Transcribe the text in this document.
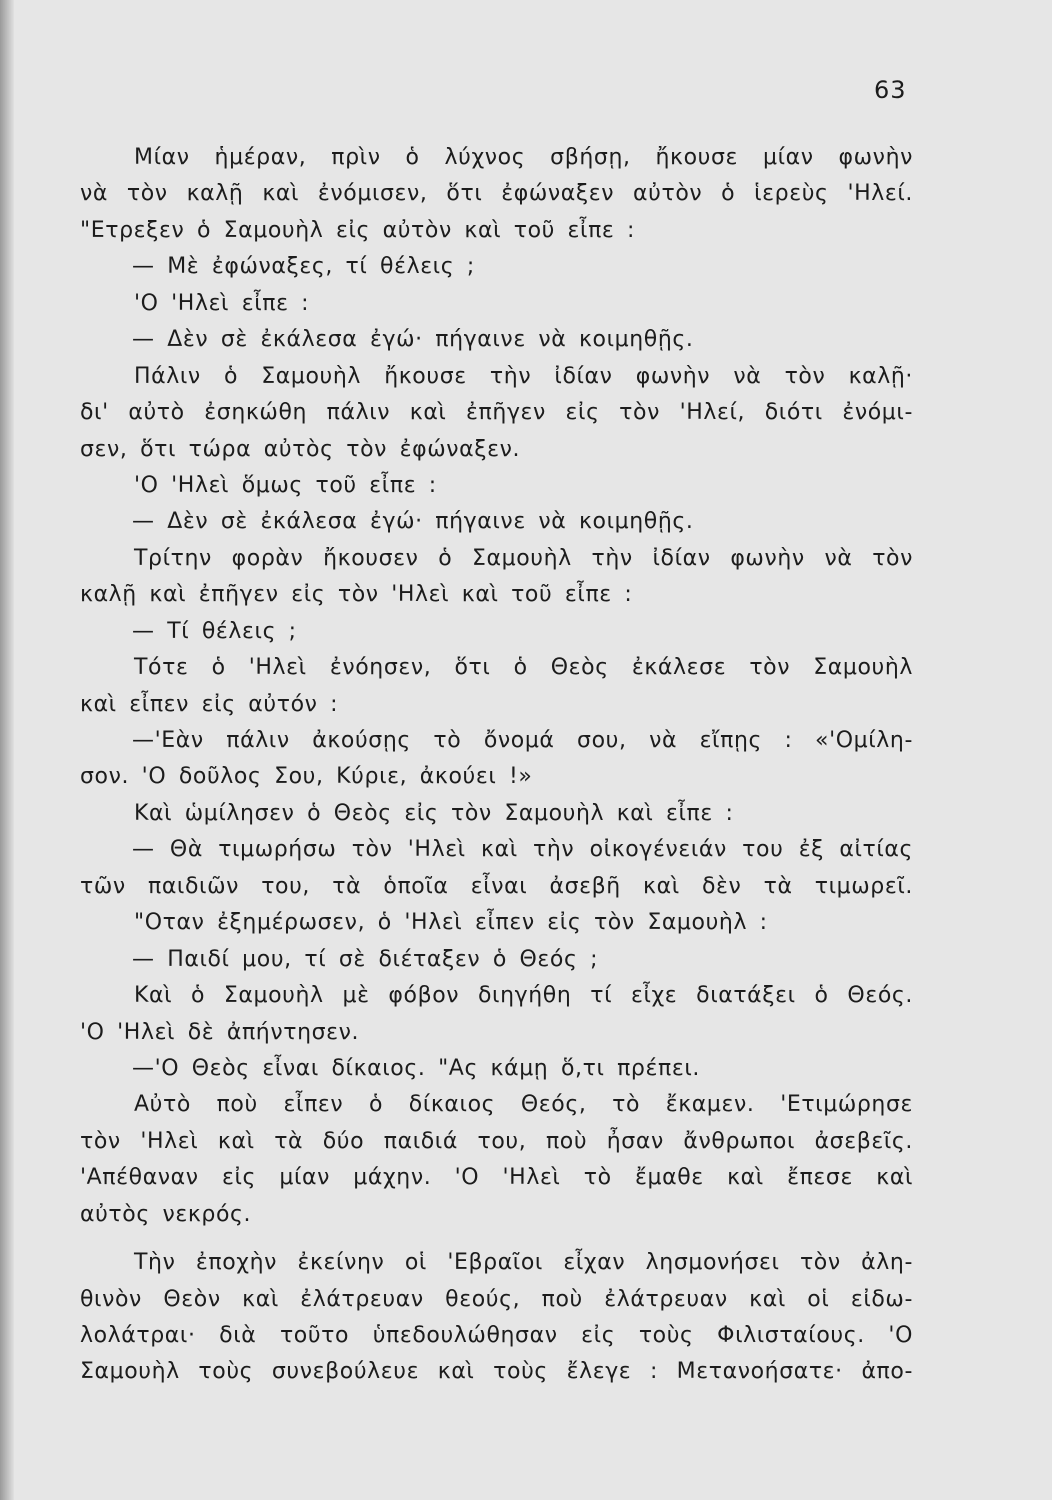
63
Μίαν ἡμέραν, πρὶν ὁ λύχνος σβήσῃ, ἤκουσε μίαν φωνὴν
νὰ τὸν καλῇ καὶ ἐνόμισεν, ὅτι ἐφώναξεν αὐτὸν ὁ ἱερεὺς 'Ηλεί.
"Ετρεξεν ὁ Σαμουὴλ εἰς αὐτὸν καὶ τοῦ εἶπε :
— Μὲ ἐφώναξες, τί θέλεις ;
'Ο 'Ηλεὶ εἶπε :
— Δὲν σὲ ἐκάλεσα ἐγώ· πήγαινε νὰ κοιμηθῇς.
Πάλιν ὁ Σαμουὴλ ἤκουσε τὴν ἰδίαν φωνὴν νὰ τὸν καλῇ·
δι' αὐτὸ ἐσηκώθη πάλιν καὶ ἐπῆγεν εἰς τὸν 'Ηλεί, διότι ἐνόμι-
σεν, ὅτι τώρα αὐτὸς τὸν ἐφώναξεν.
'Ο 'Ηλεὶ ὅμως τοῦ εἶπε :
— Δὲν σὲ ἐκάλεσα ἐγώ· πήγαινε νὰ κοιμηθῇς.
Τρίτην φορὰν ἤκουσεν ὁ Σαμουὴλ τὴν ἰδίαν φωνὴν νὰ τὸν
καλῇ καὶ ἐπῆγεν εἰς τὸν 'Ηλεὶ καὶ τοῦ εἶπε :
— Τί θέλεις ;
Τότε ὁ 'Ηλεὶ ἐνόησεν, ὅτι ὁ Θεὸς ἐκάλεσε τὸν Σαμουὴλ
καὶ εἶπεν εἰς αὐτόν :
—'Εὰν πάλιν ἀκούσῃς τὸ ὄνομά σου, νὰ εἴπῃς : «'Ομίλη-
σον. 'Ο δοῦλος Σου, Κύριε, ἀκούει !»
Καὶ ὡμίλησεν ὁ Θεὸς εἰς τὸν Σαμουὴλ καὶ εἶπε :
— Θὰ τιμωρήσω τὸν 'Ηλεὶ καὶ τὴν οἰκογένειάν του ἐξ αἰτίας
τῶν παιδιῶν του, τὰ ὁποῖα εἶναι ἀσεβῆ καὶ δὲν τὰ τιμωρεῖ.
"Οταν ἐξημέρωσεν, ὁ 'Ηλεὶ εἶπεν εἰς τὸν Σαμουὴλ :
— Παιδί μου, τί σὲ διέταξεν ὁ Θεός ;
Καὶ ὁ Σαμουὴλ μὲ φόβον διηγήθη τί εἶχε διατάξει ὁ Θεός.
'Ο 'Ηλεὶ δὲ ἀπήντησεν.
—'Ο Θεὸς εἶναι δίκαιος. "Ας κάμῃ ὅ,τι πρέπει.
Αὐτὸ ποὺ εἶπεν ὁ δίκαιος Θεός, τὸ ἔκαμεν. 'Ετιμώρησε
τὸν 'Ηλεὶ καὶ τὰ δύο παιδιά του, ποὺ ἦσαν ἄνθρωποι ἀσεβεῖς.
'Απέθαναν εἰς μίαν μάχην. 'Ο 'Ηλεὶ τὸ ἔμαθε καὶ ἔπεσε καὶ
αὐτὸς νεκρός.
Τὴν ἐποχὴν ἐκείνην οἱ 'Εβραῖοι εἶχαν λησμονήσει τὸν ἀλη-
θινὸν Θεὸν καὶ ἐλάτρευαν θεούς, ποὺ ἐλάτρευαν καὶ οἱ εἰδω-
λολάτραι· διὰ τοῦτο ὑπεδουλώθησαν εἰς τοὺς Φιλισταίους. 'Ο
Σαμουὴλ τοὺς συνεβούλευε καὶ τοὺς ἔλεγε : Μετανοήσατε· ἀπο-
